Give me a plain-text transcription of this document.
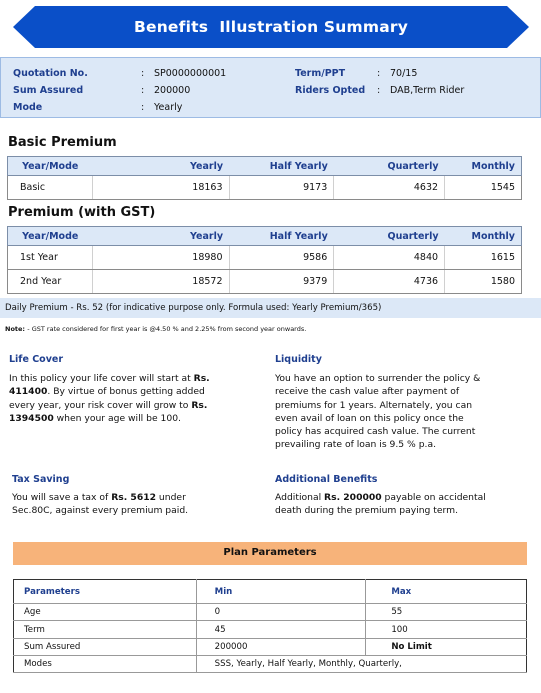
Benefits  Illustration Summary
Quotation No.	: SP0000000001
Sum Assured	: 200000
Mode	: Yearly
Term/PPT	: 70/15
Riders Opted : DAB,Term Rider
Basic Premium
Year/Mode	Yearly	Half Yearly	Quarterly	Monthly
Basic	18163	9173	4632	1545
Premium (with GST)
Year/Mode	Yearly	Half Yearly	Quarterly	Monthly
1st Year	18980	9586	4840	1615
2nd Year	18572	9379	4736	1580
Daily Premium - Rs. 52 (for indicative purpose only. Formula used: Yearly Premium/365)
Note: - GST rate considered for first year is @4.50 % and 2.25% from second year onwards.
Life Cover
In this policy your life cover will start at Rs. 411400. By virtue of bonus getting added every year, your risk cover will grow to Rs. 1394500 when your age will be 100.
Liquidity
You have an option to surrender the policy & receive the cash value after payment of premiums for 1 years. Alternately, you can even avail of loan on this policy once the policy has acquired cash value. The current prevailing rate of loan is 9.5 % p.a.
Tax Saving
You will save a tax of Rs. 5612 under Sec.80C, against every premium paid.
Additional Benefits
Additional Rs. 200000 payable on accidental death during the premium paying term.
Plan Parameters
Parameters	Min	Max
Age	0	55
Term	45	100
Sum Assured	200000	No Limit
Modes	SSS, Yearly, Half Yearly, Monthly, Quarterly,	
